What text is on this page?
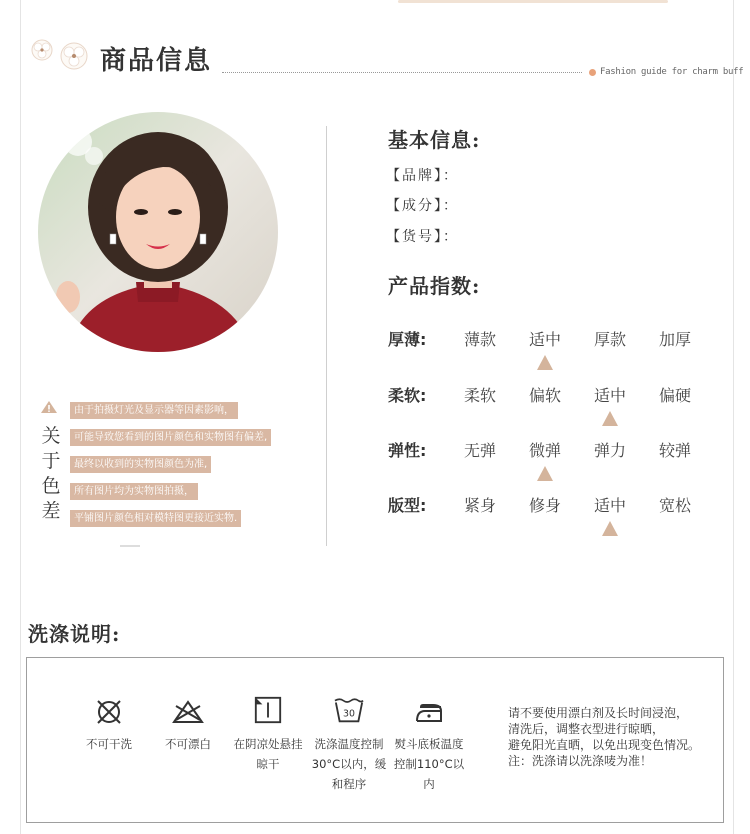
商品信息	Fashion guide for charm buff
关
于
色
差
由于拍摄灯光及显示器等因素影响，
可能导致您看到的图片颜色和实物图有偏差,
最终以收到的实物图颜色为准,
所有图片均为实物图拍摄，
平铺图片颜色相对模特图更接近实物.
基本信息:
【品牌】：
【成分】：
【货号】：
产品指数:
厚薄:	薄款	适中	厚款	加厚
柔软:	柔软	偏软	适中	偏硬
弹性:	无弹	微弹	弹力	较弹
版型:	紧身	修身	适中	宽松
洗涤说明:
30
不可干洗	不可漂白	在阴凉处悬挂
晾干
洗涤温度控制
30°C以内，缓
和程序
熨斗底板温度
控制110°C以
内
请不要使用漂白剂及长时间浸泡，
清洗后，调整衣型进行晾晒，
避免阳光直晒，以免出现变色情况。
注：洗涤请以洗涤唛为准！
